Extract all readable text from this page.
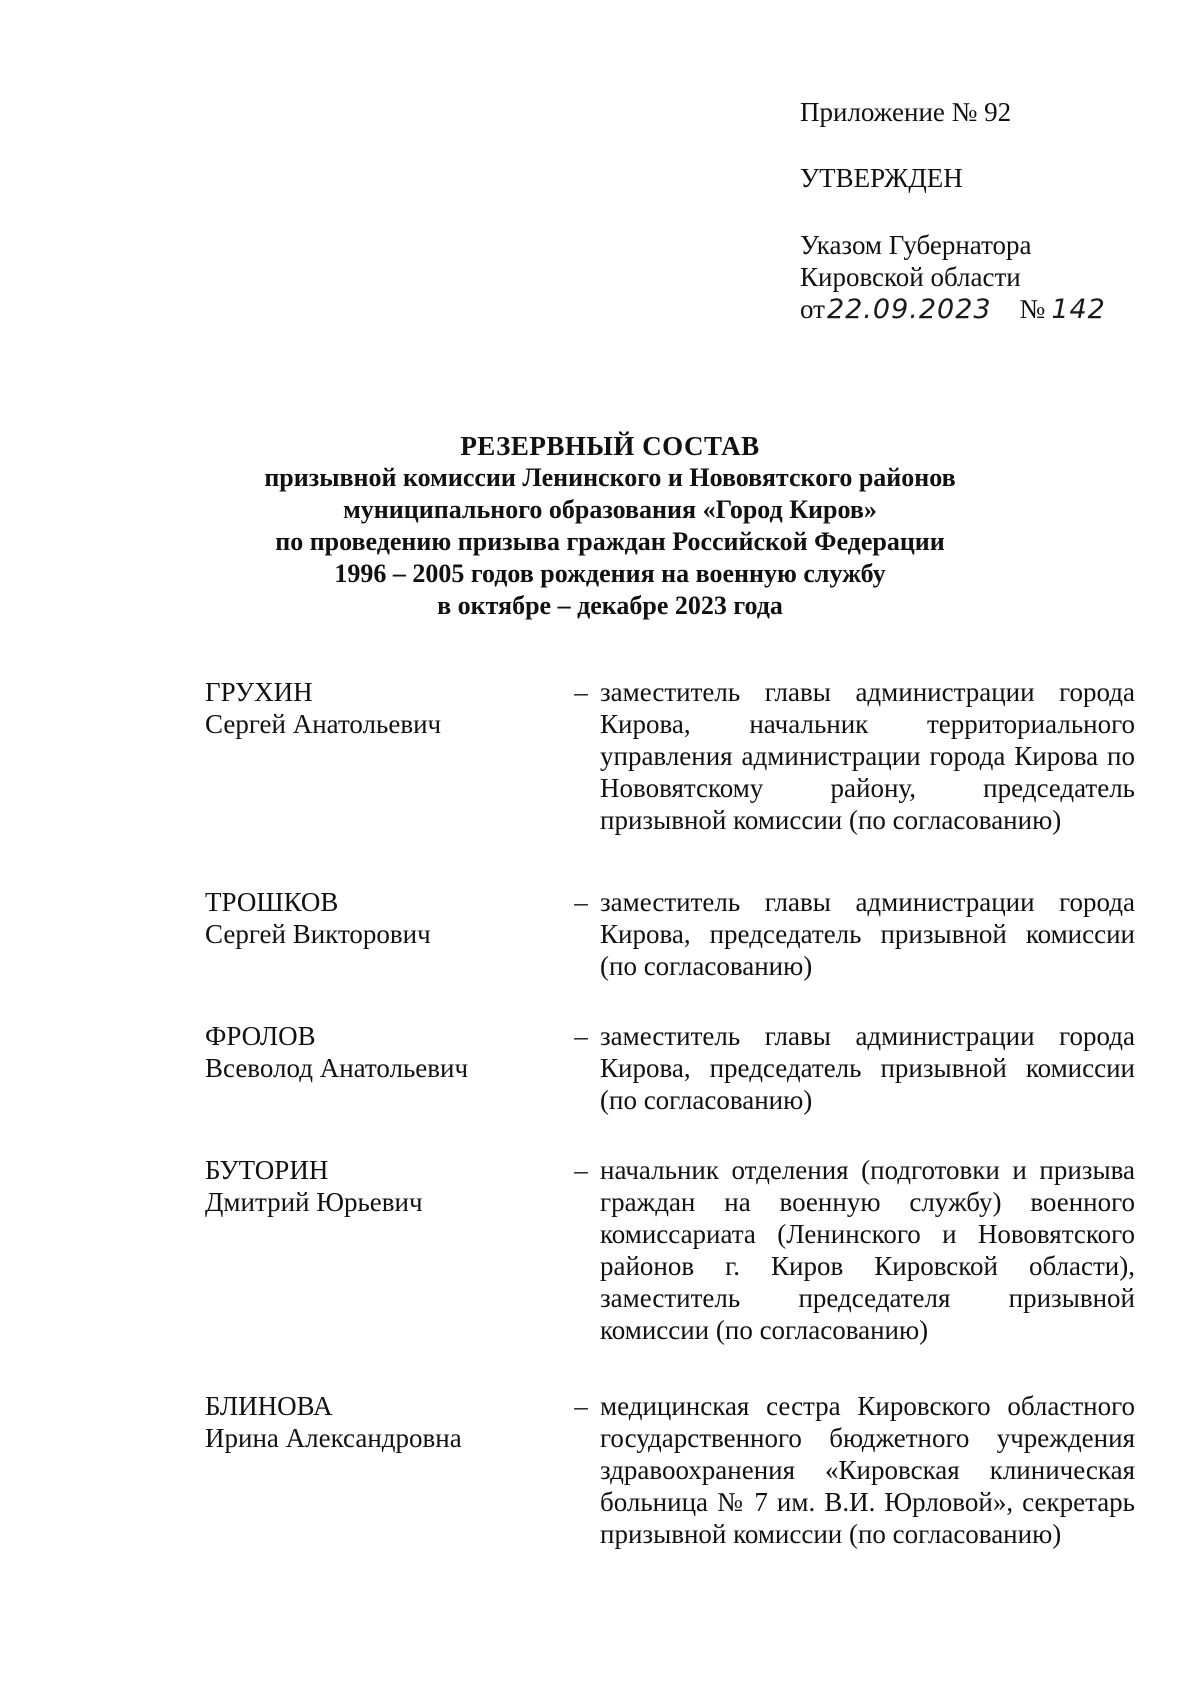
Приложение № 92
УТВЕРЖДЕН
Указом Губернатора
Кировской области
от22.09.2023 № 142
РЕЗЕРВНЫЙ СОСТАВ
призывной комиссии Ленинского и Нововятского районов
муниципального образования «Город Киров»
по проведению призыва граждан Российской Федерации
1996 – 2005 годов рождения на военную службу
в октябре – декабре 2023 года
ГРУХИН
Сергей Анатольевич
– заместитель главы администрации города Кирова, начальник территориального управления администрации города Кирова по Нововятскому району, председатель призывной комиссии (по согласованию)
ТРОШКОВ
Сергей Викторович
– заместитель главы администрации города Кирова, председатель призывной комиссии (по согласованию)
ФРОЛОВ
Всеволод Анатольевич
– заместитель главы администрации города Кирова, председатель призывной комиссии (по согласованию)
БУТОРИН
Дмитрий Юрьевич
– начальник отделения (подготовки и призыва граждан на военную службу) военного комиссариата (Ленинского и Нововятского районов г. Киров Кировской области), заместитель председателя призывной комиссии (по согласованию)
БЛИНОВА
Ирина Александровна
– медицинская сестра Кировского областного государственного бюджетного учреждения здравоохранения «Кировская клиническая больница № 7 им. В.И. Юрловой», секретарь призывной комиссии (по согласованию)
